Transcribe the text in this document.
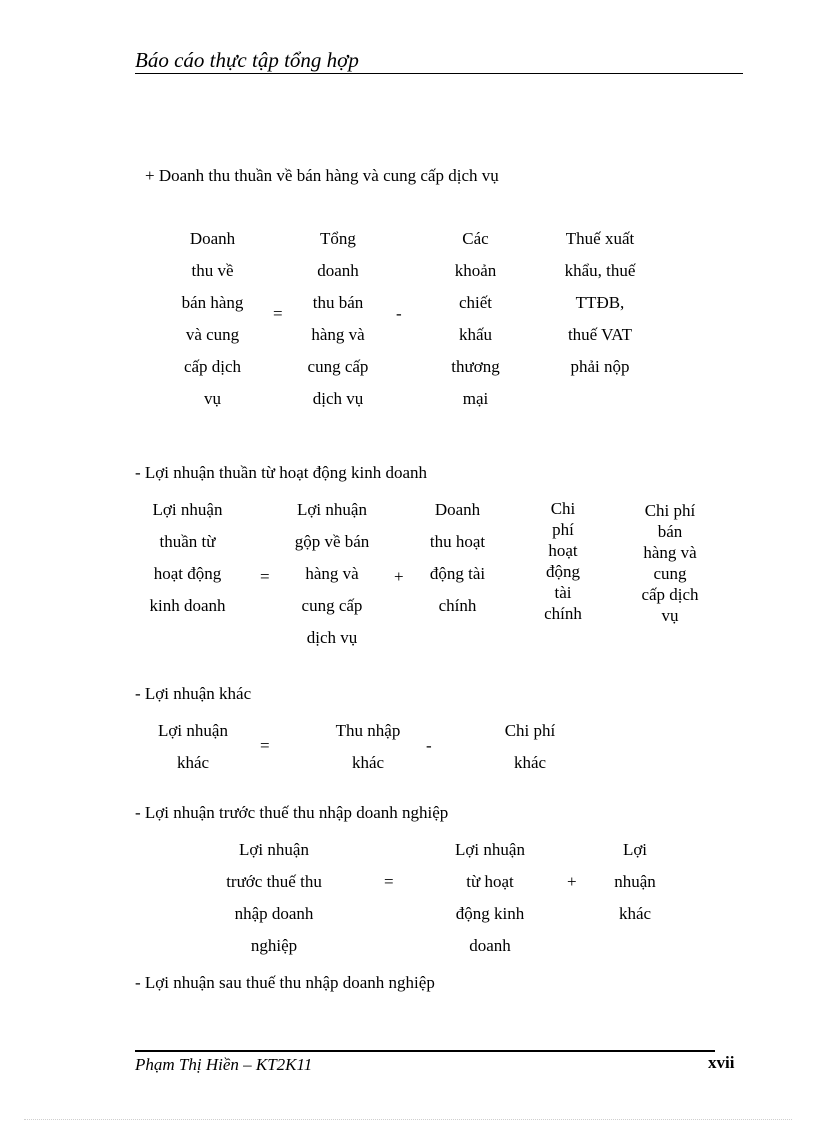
Báo cáo thực tập tổng hợp
+ Doanh thu thuần về bán hàng và cung cấp dịch vụ
Doanh
thu về
bán hàng
và cung
cấp dịch
vụ
=
Tổng
doanh
thu bán
hàng và
cung cấp
dịch vụ
-
Các
khoản
chiết
khấu
thương
mại
Thuế xuất
khẩu, thuế
TTĐB,
thuế VAT
phải nộp
- Lợi nhuận thuần từ hoạt động kinh doanh
Lợi nhuận
thuần từ
hoạt động
kinh doanh
=
Lợi nhuận
gộp về bán
hàng và
cung cấp
dịch vụ
+
Doanh
thu hoạt
động tài
chính
Chi
phí
hoạt
động
tài
chính
Chi phí
bán
hàng và
cung
cấp dịch
vụ
- Lợi nhuận khác
Lợi nhuận
khác
=
Thu nhập
khác
-
Chi phí
khác
- Lợi nhuận trước thuế thu nhập doanh nghiệp
Lợi nhuận
trước thuế thu
nhập doanh
nghiệp
=
Lợi nhuận
từ hoạt
động kinh
doanh
+
Lợi
nhuận
khác
- Lợi nhuận sau thuế thu nhập doanh nghiệp
Phạm Thị Hiền – KT2K11	xvii
